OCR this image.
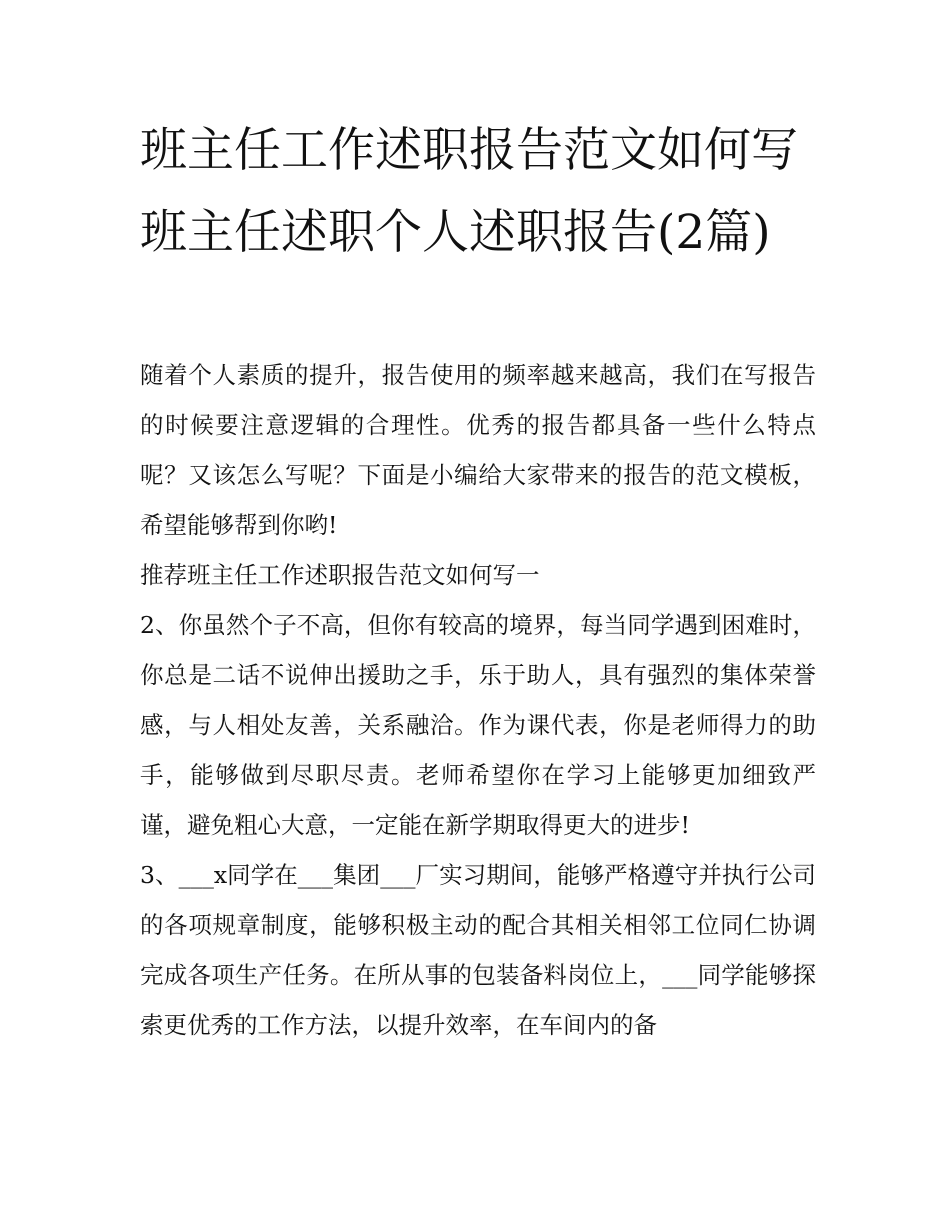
班主任工作述职报告范文如何写 班主任述职个人述职报告(2篇)

随着个人素质的提升，报告使用的频率越来越高，我们在写报告的时候要注意逻辑的合理性。优秀的报告都具备一些什么特点呢？又该怎么写呢？下面是小编给大家带来的报告的范文模板，希望能够帮到你哟!

推荐班主任工作述职报告范文如何写一

2、你虽然个子不高，但你有较高的境界，每当同学遇到困难时，你总是二话不说伸出援助之手，乐于助人，具有强烈的集体荣誉感，与人相处友善，关系融洽。作为课代表，你是老师得力的助手，能够做到尽职尽责。老师希望你在学习上能够更加细致严谨，避免粗心大意，一定能在新学期取得更大的进步!

3、___x同学在___集团___厂实习期间，能够严格遵守并执行公司的各项规章制度，能够积极主动的配合其相关相邻工位同仁协调完成各项生产任务。在所从事的包装备料岗位上，___同学能够探索更优秀的工作方法，以提升效率，在车间内的备
